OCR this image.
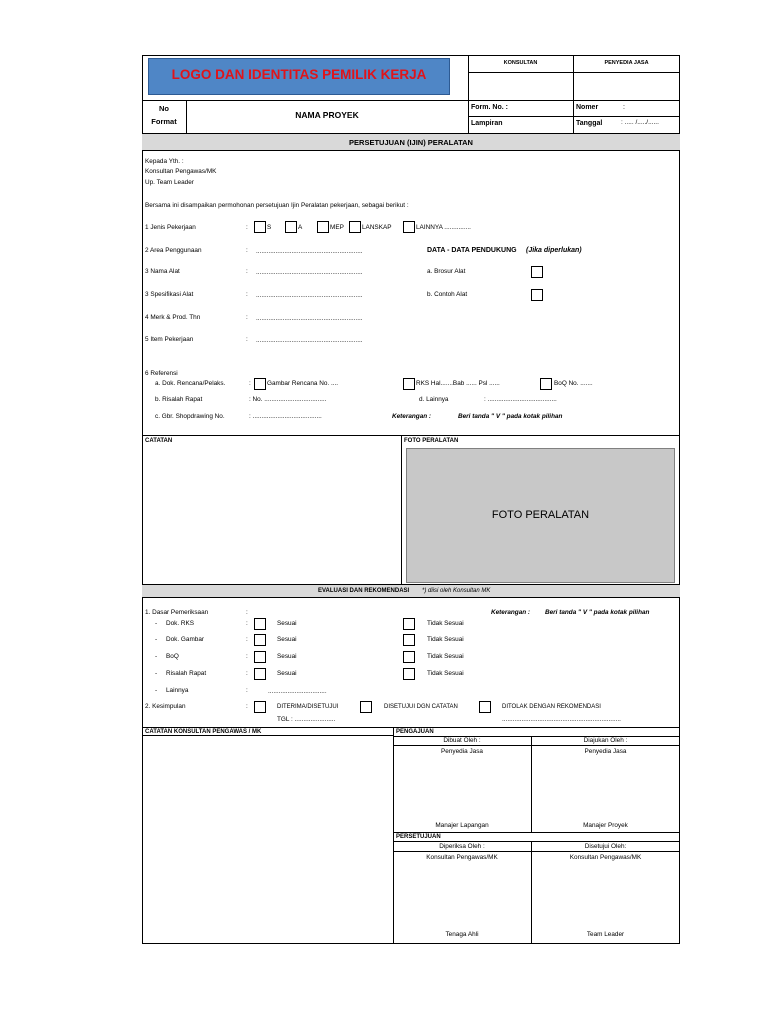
LOGO DAN IDENTITAS PEMILIK KERJA
KONSULTAN	PENYEDIA JASA
No
Format
NAMA PROYEK
Form. No. :
Lampiran
Nomer	:
Tanggal	: ..... /...../......
PERSETUJUAN (IJIN) PERALATAN
Kepada Yth. :
Konsultan Pengawas/MK
Up. Team Leader
Bersama ini disampaikan permohonan persetujuan Ijin Peralatan pekerjaan, sebagai berikut :
1 Jenis Pekerjaan	:	S	A	MEP	LANSKAP	LAINNYA ...............
2 Area Penggunaan	: ............................................................	DATA - DATA PENDUKUNG (Jika diperlukan)
3 Nama Alat	: ............................................................	a. Brosur Alat
3 Spesifikasi Alat	: ............................................................	b. Contoh Alat
4 Merk & Prod. Thn	: ............................................................
5 Item Pekerjaan	: ............................................................
6 Referensi
a. Dok. Rencana/Pelaks.	:	Gambar Rencana No. ....	RKS Hal.......Bab ...... Psl ......	BoQ No. .......
b. Risalah Rapat	: No. ...................................	d. Lainnya	: .......................................
c. Gbr. Shopdrawing No.	: .......................................	Keterangan :	Beri tanda " V " pada kotak pilihan
CATATAN	FOTO PERALATAN
FOTO PERALATAN
EVALUASI DAN REKOMENDASI *) diisi oleh Konsultan MK
1. Dasar Pemeriksaan	:	Keterangan : Beri tanda " V " pada kotak pilihan
- Dok. RKS	:	Sesuai	Tidak Sesuai
- Dok. Gambar	:	Sesuai	Tidak Sesuai
- BoQ	:	Sesuai	Tidak Sesuai
- Risalah Rapat	:	Sesuai	Tidak Sesuai
- Lainnya	:	.................................
2. Kesimpulan	:	DITERIMA/DISETUJUI	DISETUJUI DGN CATATAN	DITOLAK DENGAN REKOMENDASI
TGL : .......................	...................................................................
CATATAN KONSULTAN PENGAWAS / MK	PENGAJUAN
Dibuat Oleh :	Diajukan Oleh :
Penyedia Jasa	Penyedia Jasa
Manajer Lapangan	Manajer Proyek
PERSETUJUAN
Diperiksa Oleh :	Disetujui Oleh:
Konsultan Pengawas/MK	Konsultan Pengawas/MK
Tenaga Ahli	Team Leader
